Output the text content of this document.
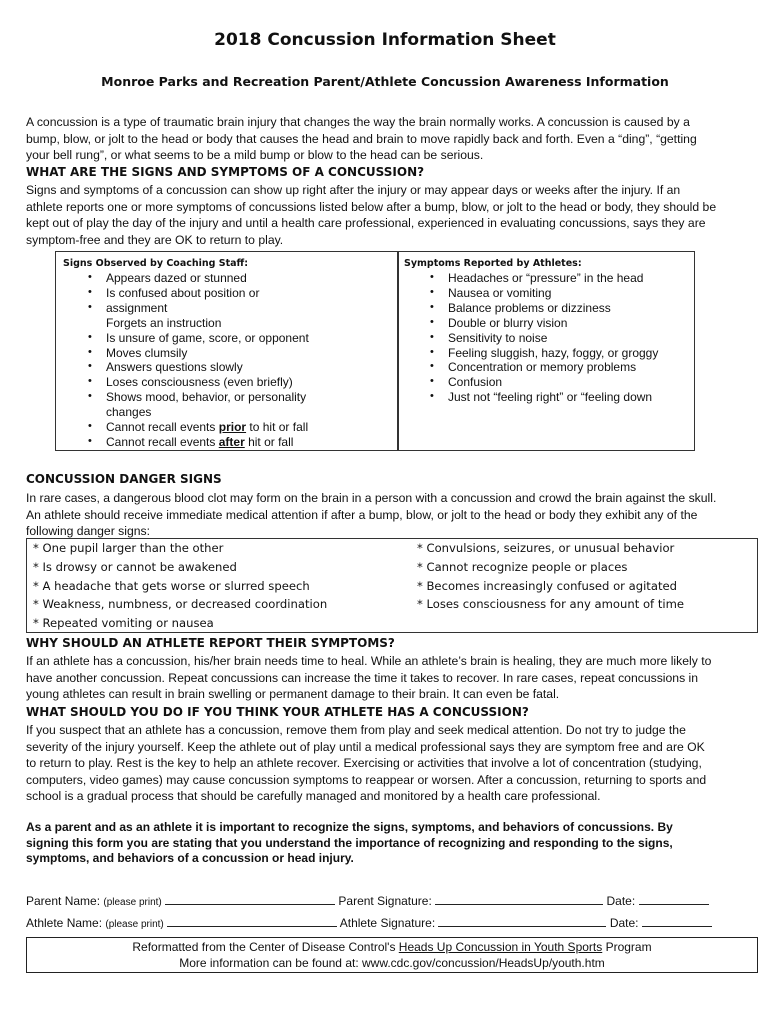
2018 Concussion Information Sheet
Monroe Parks and Recreation Parent/Athlete Concussion Awareness Information
A concussion is a type of traumatic brain injury that changes the way the brain normally works. A concussion is caused by a
bump, blow, or jolt to the head or body that causes the head and brain to move rapidly back and forth. Even a “ding”, “getting
your bell rung”, or what seems to be a mild bump or blow to the head can be serious.
WHAT ARE THE SIGNS AND SYMPTOMS OF A CONCUSSION?
Signs and symptoms of a concussion can show up right after the injury or may appear days or weeks after the injury. If an
athlete reports one or more symptoms of concussions listed below after a bump, blow, or jolt to the head or body, they should be
kept out of play the day of the injury and until a health care professional, experienced in evaluating concussions, says they are
symptom-free and they are OK to return to play.
Signs Observed by Coaching Staff:
• Appears dazed or stunned
• Is confused about position or
• assignment
Forgets an instruction
• Is unsure of game, score, or opponent
• Moves clumsily
• Answers questions slowly
• Loses consciousness (even briefly)
• Shows mood, behavior, or personality
changes
• Cannot recall events prior to hit or fall
• Cannot recall events after hit or fall
Symptoms Reported by Athletes:
• Headaches or “pressure” in the head
• Nausea or vomiting
• Balance problems or dizziness
• Double or blurry vision
• Sensitivity to noise
• Feeling sluggish, hazy, foggy, or groggy
• Concentration or memory problems
• Confusion
• Just not “feeling right” or “feeling down
CONCUSSION DANGER SIGNS
In rare cases, a dangerous blood clot may form on the brain in a person with a concussion and crowd the brain against the skull.
An athlete should receive immediate medical attention if after a bump, blow, or jolt to the head or body they exhibit any of the
following danger signs:
* One pupil larger than the other
* Is drowsy or cannot be awakened
* A headache that gets worse or slurred speech
* Weakness, numbness, or decreased coordination
* Repeated vomiting or nausea
* Convulsions, seizures, or unusual behavior
* Cannot recognize people or places
* Becomes increasingly confused or agitated
* Loses consciousness for any amount of time
WHY SHOULD AN ATHLETE REPORT THEIR SYMPTOMS?
If an athlete has a concussion, his/her brain needs time to heal. While an athlete’s brain is healing, they are much more likely to
have another concussion. Repeat concussions can increase the time it takes to recover. In rare cases, repeat concussions in
young athletes can result in brain swelling or permanent damage to their brain. It can even be fatal.
WHAT SHOULD YOU DO IF YOU THINK YOUR ATHLETE HAS A CONCUSSION?
If you suspect that an athlete has a concussion, remove them from play and seek medical attention. Do not try to judge the
severity of the injury yourself. Keep the athlete out of play until a medical professional says they are symptom free and are OK
to return to play. Rest is the key to help an athlete recover. Exercising or activities that involve a lot of concentration (studying,
computers, video games) may cause concussion symptoms to reappear or worsen. After a concussion, returning to sports and
school is a gradual process that should be carefully managed and monitored by a health care professional.
As a parent and as an athlete it is important to recognize the signs, symptoms, and behaviors of concussions. By
signing this form you are stating that you understand the importance of recognizing and responding to the signs,
symptoms, and behaviors of a concussion or head injury.
Parent Name: (please print)	Parent Signature:	Date:
Athlete Name: (please print)	Athlete Signature:	Date:
Reformatted from the Center of Disease Control's Heads Up Concussion in Youth Sports Program
More information can be found at: www.cdc.gov/concussion/HeadsUp/youth.htm
